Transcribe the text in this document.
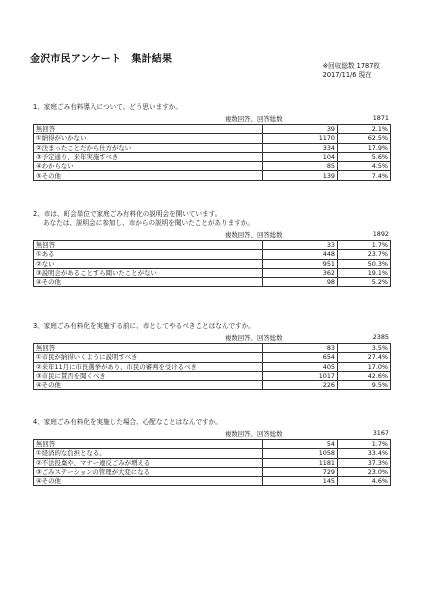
金沢市民アンケート　集計結果
※回収総数 1787枚
2017/11/6 現在
1、家庭ごみ有料導入について、どう思いますか。
複数回答、回答総数	1871
無回答	39	2.1%
①納得がいかない	1170	62.5%
②決まったことだから仕方がない	334	17.9%
③予定通り、来年実施すべき	104	5.6%
④わからない	85	4.5%
⑤その他	139	7.4%
2、市は、町会単位で家庭ごみ有料化の説明会を開いています。
あなたは、説明会に参加し、市からの説明を聞いたことがありますか。
複数回答、回答総数	1892
無回答	33	1.7%
①ある	448	23.7%
②ない	951	50.3%
③説明会があることすら聞いたことがない	362	19.1%
④その他	98	5.2%
3、家庭ごみ有料化を実施する前に、市としてやるべきことはなんですか。
複数回答、回答総数	2385
無回答	83	3.5%
①市民が納得いくように説明すべき	654	27.4%
②来年11月に市長選挙があり、市民の審判を受けるべき	405	17.0%
③市民に賛否を聞くべき	1017	42.6%
④その他	226	9.5%
4、家庭ごみ有料化を実施した場合、心配なことはなんですか。
複数回答、回答総数	3167
無回答	54	1.7%
①経済的な負担となる。	1058	33.4%
②不法投棄や、マナー違反ごみが増える	1181	37.3%
③ごみステーションの管理が大変になる	729	23.0%
④その他	145	4.6%
